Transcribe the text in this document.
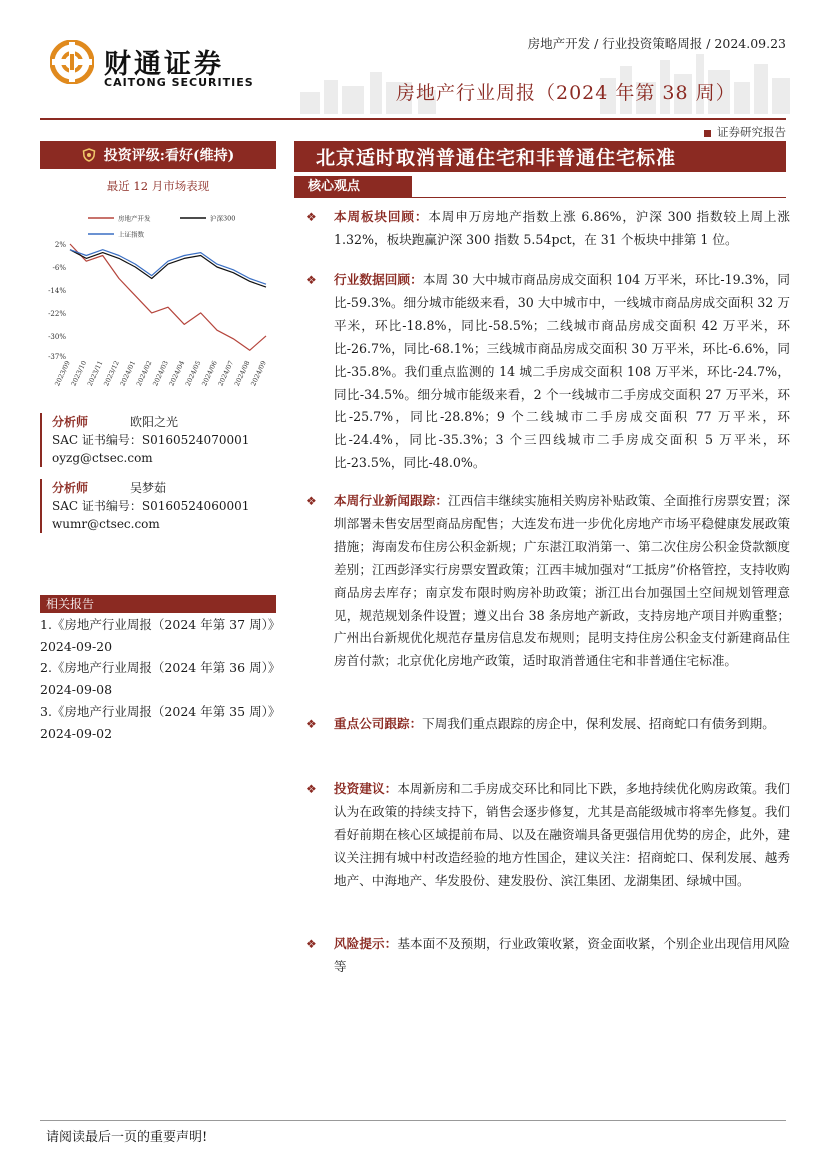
财通证券
CAITONG SECURITIES
房地产开发 / 行业投资策略周报 / 2024.09.23
房地产行业周报（2024 年第 38 周）
证券研究报告
投资评级:看好(维持)
最近 12 月市场表现
2%
-6%
-14%
-22%
-30%
-37%
2023/09
2023/10
2023/11
2023/12
2024/01
2024/02
2024/03
2024/04
2024/05
2024/06
2024/07
2024/08
2024/09
房地产开发	沪深300
上证指数
分析师	欧阳之光
SAC 证书编号：S0160524070001
oyzg@ctsec.com
分析师	吴梦茹
SAC 证书编号：S0160524060001
wumr@ctsec.com
相关报告
1.《房地产行业周报（2024 年第 37 周）》
2024-09-20
2.《房地产行业周报（2024 年第 36 周）》
2024-09-08
3.《房地产行业周报（2024 年第 35 周）》
2024-09-02
北京适时取消普通住宅和非普通住宅标准
核心观点
❖ 本周板块回顾：本周申万房地产指数上涨 6.86%，沪深 300 指数较上周上涨 1.32%，板块跑赢沪深 300 指数 5.54pct，在 31 个板块中排第 1 位。
❖ 行业数据回顾：本周 30 大中城市商品房成交面积 104 万平米，环比-19.3%，同比-59.3%。细分城市能级来看，30 大中城市中，一线城市商品房成交面积 32 万平米，环比-18.8%，同比-58.5%；二线城市商品房成交面积 42 万平米，环比-26.7%，同比-68.1%；三线城市商品房成交面积 30 万平米，环比-6.6%，同比-35.8%。我们重点监测的 14 城二手房成交面积 108 万平米，环比-24.7%，同比-34.5%。细分城市能级来看，2 个一线城市二手房成交面积 27 万平米，环比-25.7%，同比-28.8%；9 个二线城市二手房成交面积 77 万平米，环比-24.4%，同比-35.3%；3 个三四线城市二手房成交面积 5 万平米，环比-23.5%，同比-48.0%。
❖ 本周行业新闻跟踪：江西信丰继续实施相关购房补贴政策、全面推行房票安置；深圳部署未售安居型商品房配售；大连发布进一步优化房地产市场平稳健康发展政策措施；海南发布住房公积金新规；广东湛江取消第一、第二次住房公积金贷款额度差别；江西彭泽实行房票安置政策；江西丰城加强对“工抵房”价格管控，支持收购商品房去库存；南京发布限时购房补助政策；浙江出台加强国土空间规划管理意见，规范规划条件设置；遵义出台 38 条房地产新政，支持房地产项目并购重整；广州出台新规优化规范存量房信息发布规则；昆明支持住房公积金支付新建商品住房首付款；北京优化房地产政策，适时取消普通住宅和非普通住宅标准。
❖ 重点公司跟踪：下周我们重点跟踪的房企中，保利发展、招商蛇口有债务到期。
❖ 投资建议：本周新房和二手房成交环比和同比下跌，多地持续优化购房政策。我们认为在政策的持续支持下，销售会逐步修复，尤其是高能级城市将率先修复。我们看好前期在核心区域提前布局、以及在融资端具备更强信用优势的房企，此外，建议关注拥有城中村改造经验的地方性国企，建议关注：招商蛇口、保利发展、越秀地产、中海地产、华发股份、建发股份、滨江集团、龙湖集团、绿城中国。
❖ 风险提示：基本面不及预期，行业政策收紧，资金面收紧，个别企业出现信用风险等
请阅读最后一页的重要声明!
